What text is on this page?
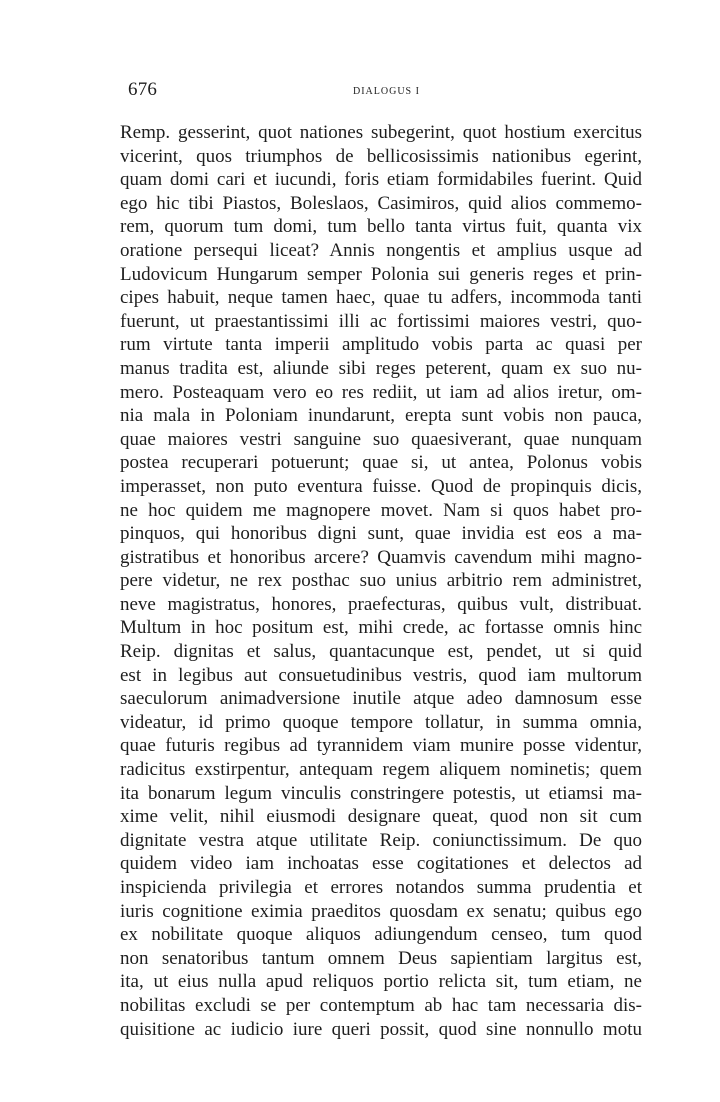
676	DIALOGUS I
Remp. gesserint, quot nationes subegerint, quot hostium exercitus
vicerint, quos triumphos de bellicosissimis nationibus egerint,
quam domi cari et iucundi, foris etiam formidabiles fuerint. Quid
ego hic tibi Piastos, Boleslaos, Casimiros, quid alios commemo-
rem, quorum tum domi, tum bello tanta virtus fuit, quanta vix
oratione persequi liceat? Annis nongentis et amplius usque ad
Ludovicum Hungarum semper Polonia sui generis reges et prin-
cipes habuit, neque tamen haec, quae tu adfers, incommoda tanti
fuerunt, ut praestantissimi illi ac fortissimi maiores vestri, quo-
rum virtute tanta imperii amplitudo vobis parta ac quasi per
manus tradita est, aliunde sibi reges peterent, quam ex suo nu-
mero. Posteaquam vero eo res rediit, ut iam ad alios iretur, om-
nia mala in Poloniam inundarunt, erepta sunt vobis non pauca,
quae maiores vestri sanguine suo quaesiverant, quae nunquam
postea recuperari potuerunt; quae si, ut antea, Polonus vobis
imperasset, non puto eventura fuisse. Quod de propinquis dicis,
ne hoc quidem me magnopere movet. Nam si quos habet pro-
pinquos, qui honoribus digni sunt, quae invidia est eos a ma-
gistratibus et honoribus arcere? Quamvis cavendum mihi magno-
pere videtur, ne rex posthac suo unius arbitrio rem administret,
neve magistratus, honores, praefecturas, quibus vult, distribuat.
Multum in hoc positum est, mihi crede, ac fortasse omnis hinc
Reip. dignitas et salus, quantacunque est, pendet, ut si quid
est in legibus aut consuetudinibus vestris, quod iam multorum
saeculorum animadversione inutile atque adeo damnosum esse
videatur, id primo quoque tempore tollatur, in summa omnia,
quae futuris regibus ad tyrannidem viam munire posse videntur,
radicitus exstirpentur, antequam regem aliquem nominetis; quem
ita bonarum legum vinculis constringere potestis, ut etiamsi ma-
xime velit, nihil eiusmodi designare queat, quod non sit cum
dignitate vestra atque utilitate Reip. coniunctissimum. De quo
quidem video iam inchoatas esse cogitationes et delectos ad
inspicienda privilegia et errores notandos summa prudentia et
iuris cognitione eximia praeditos quosdam ex senatu; quibus ego
ex nobilitate quoque aliquos adiungendum censeo, tum quod
non senatoribus tantum omnem Deus sapientiam largitus est,
ita, ut eius nulla apud reliquos portio relicta sit, tum etiam, ne
nobilitas excludi se per contemptum ab hac tam necessaria dis-
quisitione ac iudicio iure queri possit, quod sine nonnullo motu
